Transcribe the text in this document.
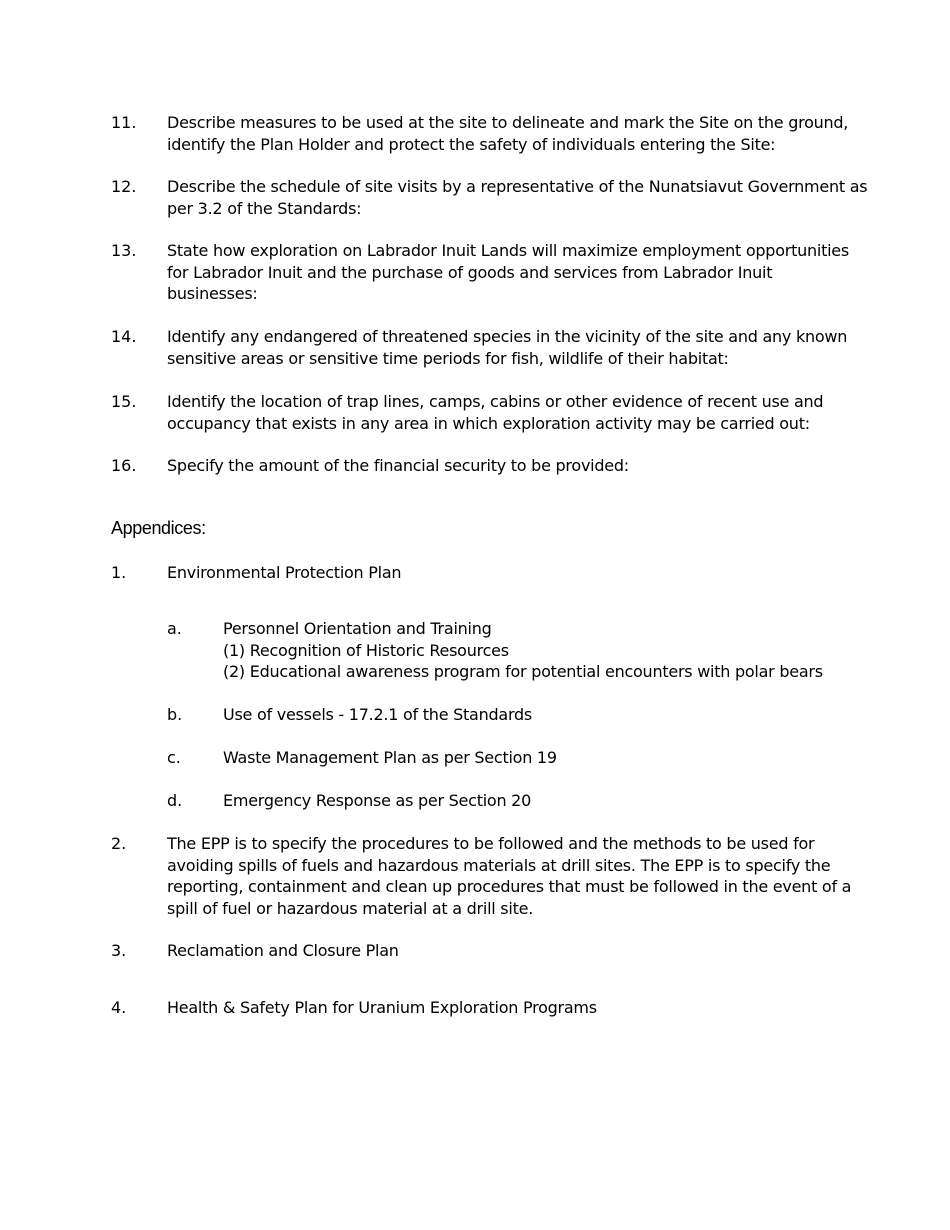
11. Describe measures to be used at the site to delineate and mark the Site on the ground,
identify the Plan Holder and protect the safety of individuals entering the Site:
12. Describe the schedule of site visits by a representative of the Nunatsiavut Government as
per 3.2 of the Standards:
13. State how exploration on Labrador Inuit Lands will maximize employment opportunities
for Labrador Inuit and the purchase of goods and services from Labrador Inuit
businesses:
14. Identify any endangered of threatened species in the vicinity of the site and any known
sensitive areas or sensitive time periods for fish, wildlife of their habitat:
15. Identify the location of trap lines, camps, cabins or other evidence of recent use and
occupancy that exists in any area in which exploration activity may be carried out:
16. Specify the amount of the financial security to be provided:
Appendices:
1.	Environmental Protection Plan
a.	Personnel Orientation and Training
(1) Recognition of Historic Resources
(2) Educational awareness program for potential encounters with polar bears
b.	Use of vessels - 17.2.1 of the Standards
c.	Waste Management Plan as per Section 19
d.	Emergency Response as per Section 20
2.	The EPP is to specify the procedures to be followed and the methods to be used for
avoiding spills of fuels and hazardous materials at drill sites. The EPP is to specify the
reporting, containment and clean up procedures that must be followed in the event of a
spill of fuel or hazardous material at a drill site.
3.	Reclamation and Closure Plan
4.	Health & Safety Plan for Uranium Exploration Programs
